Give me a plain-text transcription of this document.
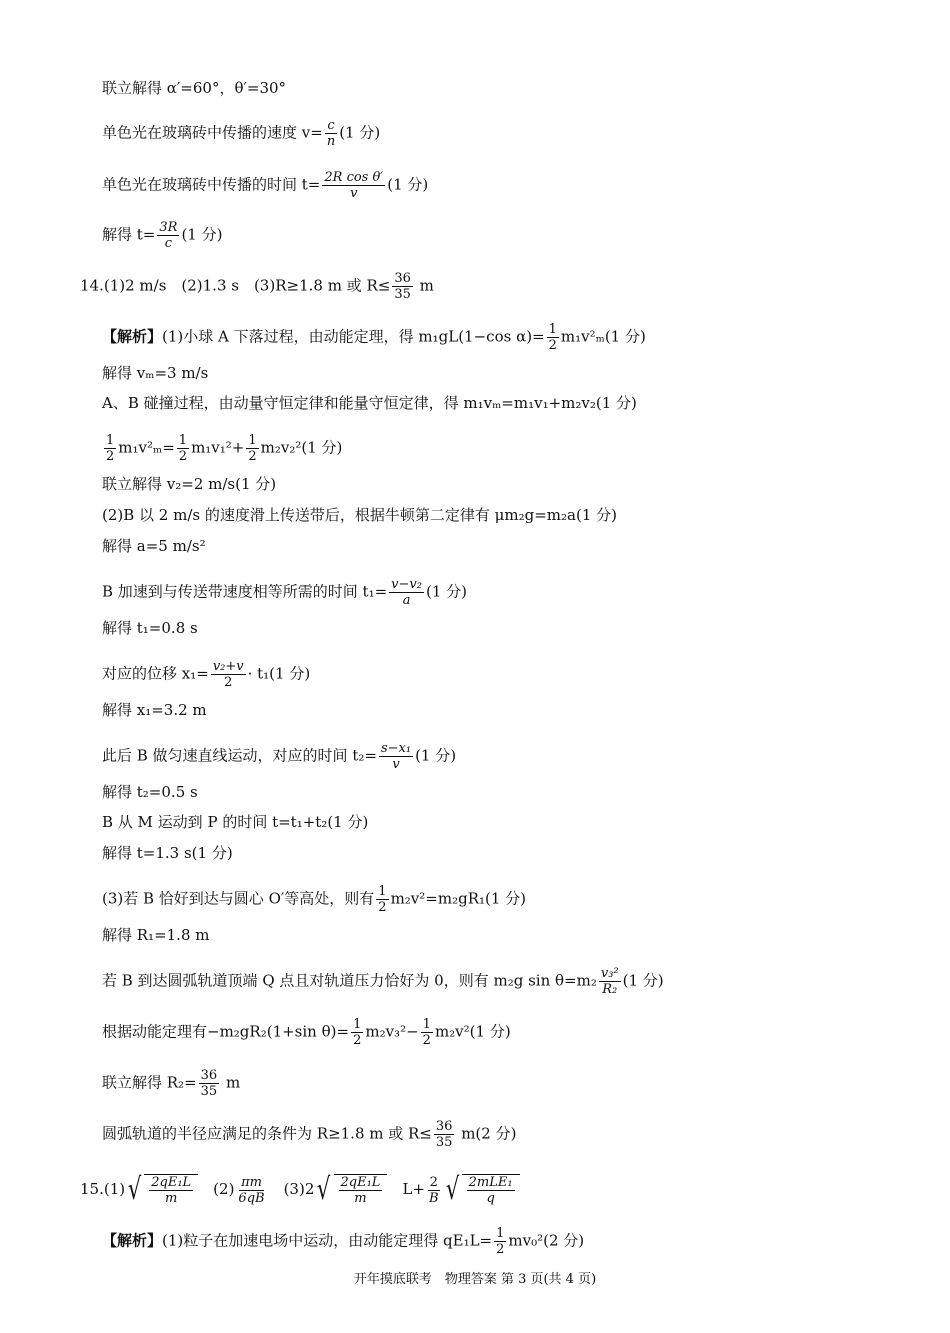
联立解得 α′=60°，θ′=30°
单色光在玻璃砖中传播的速度 $v= \frac{c}{n} (1$ 分)
单色光在玻璃砖中传播的时间 $t= \frac{\text{2R cos θ′}}{v} (1$ 分)
解得 $t= \frac{3R}{c} (1$ 分)
14.(1)2 m/s　(2)1.3 s　(3)R≥1.8 m 或 $R\le \frac{36}{35}$ m
【解析】(1)小球 A 下落过程，由动能定理，得 m₁gL(1−cos $\alpha)= \frac{1}{2} m_1v^2_m(1$ 分)
解得 vₘ=3 m/s
A、B 碰撞过程，由动量守恒定律和能量守恒定律，得 m₁vₘ=m₁v₁+m₂v₂(1 分)
$\frac{1}{2} m_1v^2_m= \frac{1}{2} m_1v_1^2+ \frac{1}{2} m_2v_2^2(1$ 分)
联立解得 v₂=2 m/s(1 分)
(2)B 以 2 m/s 的速度滑上传送带后，根据牛顿第二定律有 μm₂g=m₂a(1 分)
解得 a=5 m/s²
B 加速到与传送带速度相等所需的时间 $t_1= \frac{\text{v−v₂}}{a} (1$ 分)
解得 t₁=0.8 s
对应的位移 $x_1= \frac{\text{v₂+v}}{2} \cdot t_1(1$ 分)
解得 x₁=3.2 m
此后 B 做匀速直线运动，对应的时间 $t_2= \frac{\text{s−x₁}}{v} (1$ 分)
解得 t₂=0.5 s
B 从 M 运动到 P 的时间 t=t₁+t₂(1 分)
解得 t=1.3 s(1 分)
(3)若 B 恰好到达与圆心 O′等高处，则有 $\frac{1}{2} m_2v^2=m_2gR_1(1$ 分)
解得 R₁=1.8 m
若 B 到达圆弧轨道顶端 Q 点且对轨道压力恰好为 0，则有 m₂g $\sin \theta=m_2 \frac{\text{v₃²}}{\text{R₂}} (1$ 分)
根据动能定理有−m₂gR₂(1+sin $\theta)= \frac{1}{2} m_2v_3^2- \frac{1}{2} m_2v^2(1$ 分)
联立解得 $R_2= \frac{36}{35}$ m
圆弧轨道的半径应满足的条件为 R≥1.8 m 或 $R\le \frac{36}{35} m(2$ 分)
15.(1) √ $\frac{\text{2qE₁L}}{m}$ 　$(2) \frac{\pi m}{6qB}$ 　(3)2 √ $\frac{\text{2qE₁L}}{m}$ 　$L+ \frac{2}{B}$ √ $\frac{\text{2mLE₁}}{q}$
【解析】(1)粒子在加速电场中运动，由动能定理得 $qE_1L= \frac{1}{2} mv_0^2(2$ 分)
开年摸底联考　物理答案 第 3 页(共 4 页)
